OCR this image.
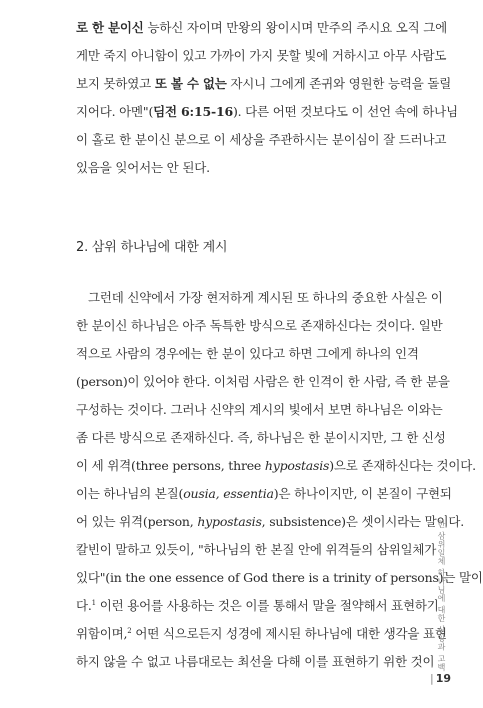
로 한 분이신 능하신 자이며 만왕의 왕이시며 만주의 주시요 오직 그에
게만 죽지 아니함이 있고 가까이 가지 못할 빛에 거하시고 아무 사람도
보지 못하였고 또 볼 수 없는 자시니 그에게 존귀와 영원한 능력을 돌릴
지어다. 아멘"(딤전 6:15-16). 다른 어떤 것보다도 이 선언 속에 하나님
이 홀로 한 분이신 분으로 이 세상을 주관하시는 분이심이 잘 드러나고
있음을 잊어서는 안 된다.
2. 삼위 하나님에 대한 계시
그런데 신약에서 가장 현저하게 계시된 또 하나의 중요한 사실은 이
한 분이신 하나님은 아주 독특한 방식으로 존재하신다는 것이다. 일반
적으로 사람의 경우에는 한 분이 있다고 하면 그에게 하나의 인격
(person)이 있어야 한다. 이처럼 사람은 한 인격이 한 사람, 즉 한 분을
구성하는 것이다. 그러나 신약의 계시의 빛에서 보면 하나님은 이와는
좀 다른 방식으로 존재하신다. 즉, 하나님은 한 분이시지만, 그 한 신성
이 세 위격(three persons, three hypostasis)으로 존재하신다는 것이다.
이는 하나님의 본질(ousia, essentia)은 하나이지만, 이 본질이 구현되
어 있는 위격(person, hypostasis, subsistence)은 셋이시라는 말이다.
칼빈이 말하고 있듯이, "하나님의 한 본질 안에 위격들의 삼위일체가
있다"(in the one essence of God there is a trinity of persons)는 말이
다.$^1$ 이런 용어를 사용하는 것은 이를 통해서 말을 절약해서 표현하기
위함이며,$^2$ 어떤 식으로든지 성경에 제시된 하나님에 대한 생각을 표현
하지 않을 수 없고 나름대로는 최선을 다해 이를 표현하기 위한 것이 한 삼위일체 하나님에 대한 신앙과 고백
| 19
